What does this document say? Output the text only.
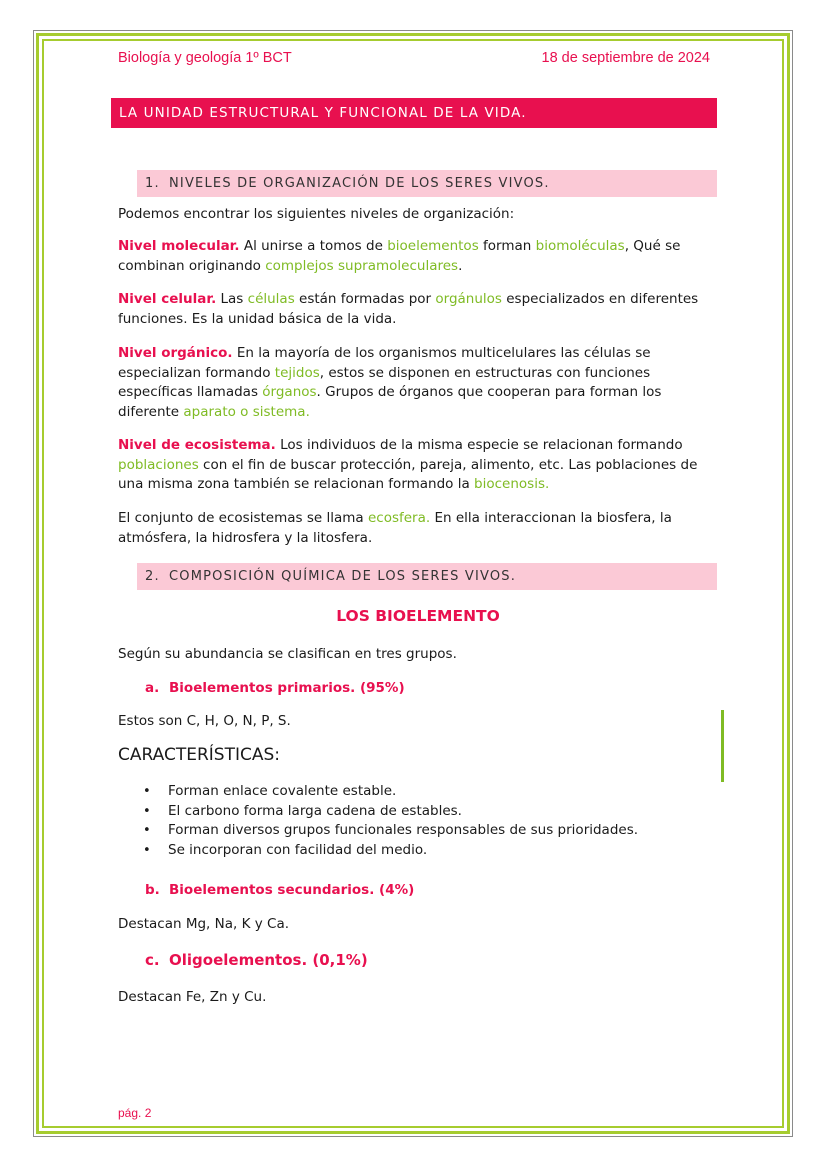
Biología y geología 1º BCT	18 de septiembre de 2024
LA UNIDAD ESTRUCTURAL Y FUNCIONAL DE LA VIDA.
1. NIVELES DE ORGANIZACIÓN DE LOS SERES VIVOS.
Podemos encontrar los siguientes niveles de organización:
Nivel molecular. Al unirse a tomos de bioelementos forman biomoléculas, Qué se combinan originando complejos supramoleculares.
Nivel celular. Las células están formadas por orgánulos especializados en diferentes funciones. Es la unidad básica de la vida.
Nivel orgánico. En la mayoría de los organismos multicelulares las células se especializan formando tejidos, estos se disponen en estructuras con funciones específicas llamadas órganos. Grupos de órganos que cooperan para forman los diferente aparato o sistema.
Nivel de ecosistema. Los individuos de la misma especie se relacionan formando poblaciones con el fin de buscar protección, pareja, alimento, etc. Las poblaciones de una misma zona también se relacionan formando la biocenosis.
El conjunto de ecosistemas se llama ecosfera. En ella interaccionan la biosfera, la atmósfera, la hidrosfera y la litosfera.
2. COMPOSICIÓN QUÍMICA DE LOS SERES VIVOS.
LOS BIOELEMENTO
Según su abundancia se clasifican en tres grupos.
a. Bioelementos primarios. (95%)
Estos son C, H, O, N, P, S.
CARACTERÍSTICAS:
• Forman enlace covalente estable.
• El carbono forma larga cadena de estables.
• Forman diversos grupos funcionales responsables de sus prioridades.
• Se incorporan con facilidad del medio.
b. Bioelementos secundarios. (4%)
Destacan Mg, Na, K y Ca.
c. Oligoelementos. (0,1%)
Destacan Fe, Zn y Cu.
pág. 2
